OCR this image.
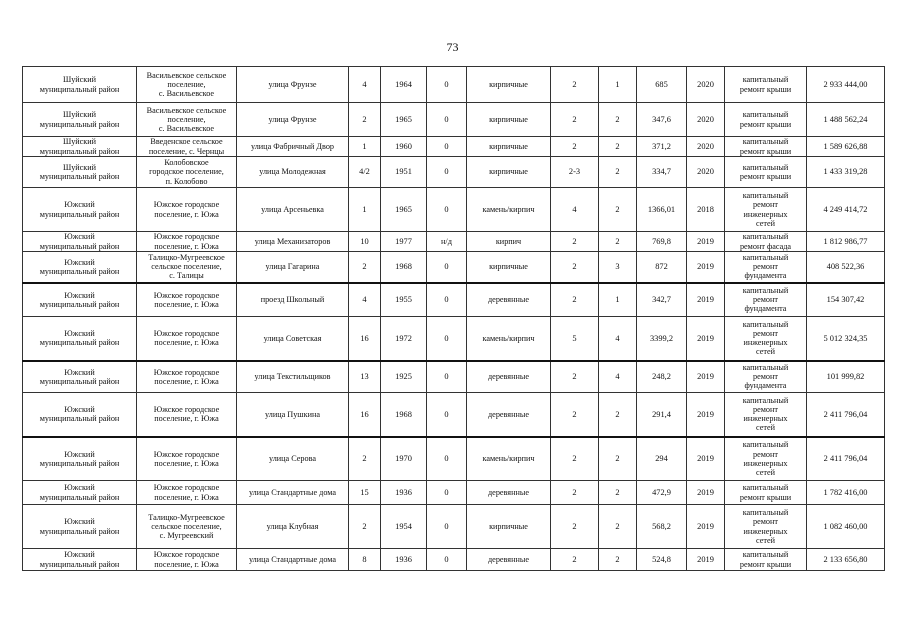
73
Шуйский
муниципальный район	Васильевское сельское
поселение,
с. Васильевское	улица Фрунзе	4	1964	0	кирпичные	2	1	685	2020	капитальный
ремонт крыши	2 933 444,00
Шуйский
муниципальный район	Васильевское сельское
поселение,
с. Васильевское	улица Фрунзе	2	1965	0	кирпичные	2	2	347,6	2020	капитальный
ремонт крыши	1 488 562,24
Шуйский
муниципальный район	Введенское сельское
поселение, с. Чернцы	улица Фабричный Двор	1	1960	0	кирпичные	2	2	371,2	2020	капитальный
ремонт крыши	1 589 626,88
Шуйский
муниципальный район	Колобовское
городское поселение,
п. Колобово	улица Молодежная	4/2	1951	0	кирпичные	2-3	2	334,7	2020	капитальный
ремонт крыши	1 433 319,28
Южский
муниципальный район	Южское городское
поселение, г. Южа	улица Арсеньевка	1	1965	0	камень/кирпич	4	2	1366,01	2018	капитальный
ремонт
инженерных
сетей	4 249 414,72
Южский
муниципальный район	Южское городское
поселение, г. Южа	улица Механизаторов	10	1977	н/д	кирпич	2	2	769,8	2019	капитальный
ремонт фасада	1 812 986,77
Южский
муниципальный район	Талицко-Мугреевское
сельское поселение,
с. Талицы	улица Гагарина	2	1968	0	кирпичные	2	3	872	2019	капитальный
ремонт
фундамента	408 522,36
Южский
муниципальный район	Южское городское
поселение, г. Южа	проезд Школьный	4	1955	0	деревянные	2	1	342,7	2019	капитальный
ремонт
фундамента	154 307,42
Южский
муниципальный район	Южское городское
поселение, г. Южа	улица Советская	16	1972	0	камень/кирпич	5	4	3399,2	2019	капитальный
ремонт
инженерных
сетей	5 012 324,35
Южский
муниципальный район	Южское городское
поселение, г. Южа	улица Текстильщиков	13	1925	0	деревянные	2	4	248,2	2019	капитальный
ремонт
фундамента	101 999,82
Южский
муниципальный район	Южское городское
поселение, г. Южа	улица Пушкина	16	1968	0	деревянные	2	2	291,4	2019	капитальный
ремонт
инженерных
сетей	2 411 796,04
Южский
муниципальный район	Южское городское
поселение, г. Южа	улица Серова	2	1970	0	камень/кирпич	2	2	294	2019	капитальный
ремонт
инженерных
сетей	2 411 796,04
Южский
муниципальный район	Южское городское
поселение, г. Южа	улица Стандартные дома	15	1936	0	деревянные	2	2	472,9	2019	капитальный
ремонт крыши	1 782 416,00
Южский
муниципальный район	Талицко-Мугреевское
сельское поселение,
с. Мугреевский	улица Клубная	2	1954	0	кирпичные	2	2	568,2	2019	капитальный
ремонт
инженерных
сетей	1 082 460,00
Южский
муниципальный район	Южское городское
поселение, г. Южа	улица Стандартные дома	8	1936	0	деревянные	2	2	524,8	2019	капитальный
ремонт крыши	2 133 656,80
